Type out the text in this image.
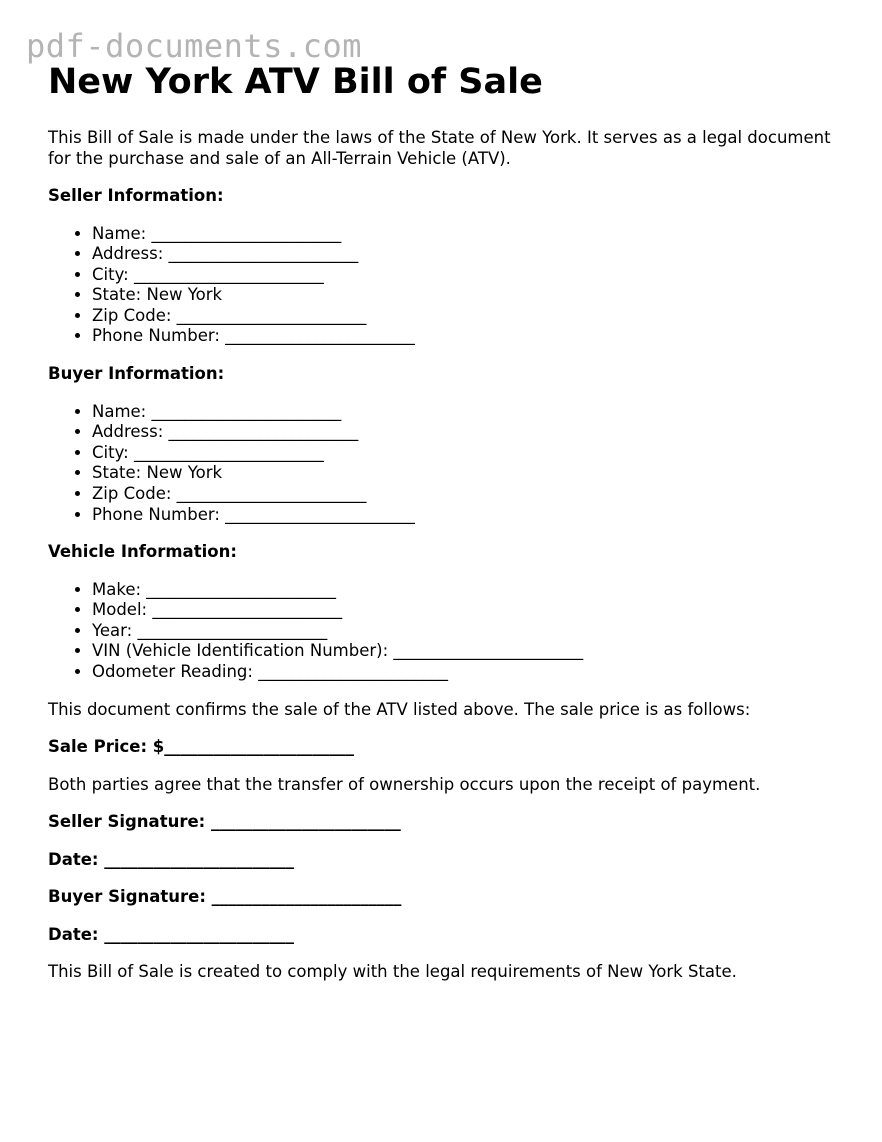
pdf-documents.com
New York ATV Bill of Sale

This Bill of Sale is made under the laws of the State of New York. It serves as a legal document for the purchase and sale of an All-Terrain Vehicle (ATV).

Seller Information:
• Name: _______________________
• Address: _______________________
• City: _______________________
• State: New York
• Zip Code: _______________________
• Phone Number: _______________________
Buyer Information:
• Name: _______________________
• Address: _______________________
• City: _______________________
• State: New York
• Zip Code: _______________________
• Phone Number: _______________________
Vehicle Information:
• Make: _______________________
• Model: _______________________
• Year: _______________________
• VIN (Vehicle Identification Number): _______________________
• Odometer Reading: _______________________

This document confirms the sale of the ATV listed above. The sale price is as follows:

Sale Price: $_______________________

Both parties agree that the transfer of ownership occurs upon the receipt of payment.

Seller Signature: _______________________
Date: _______________________
Buyer Signature: _______________________
Date: _______________________

This Bill of Sale is created to comply with the legal requirements of New York State.
